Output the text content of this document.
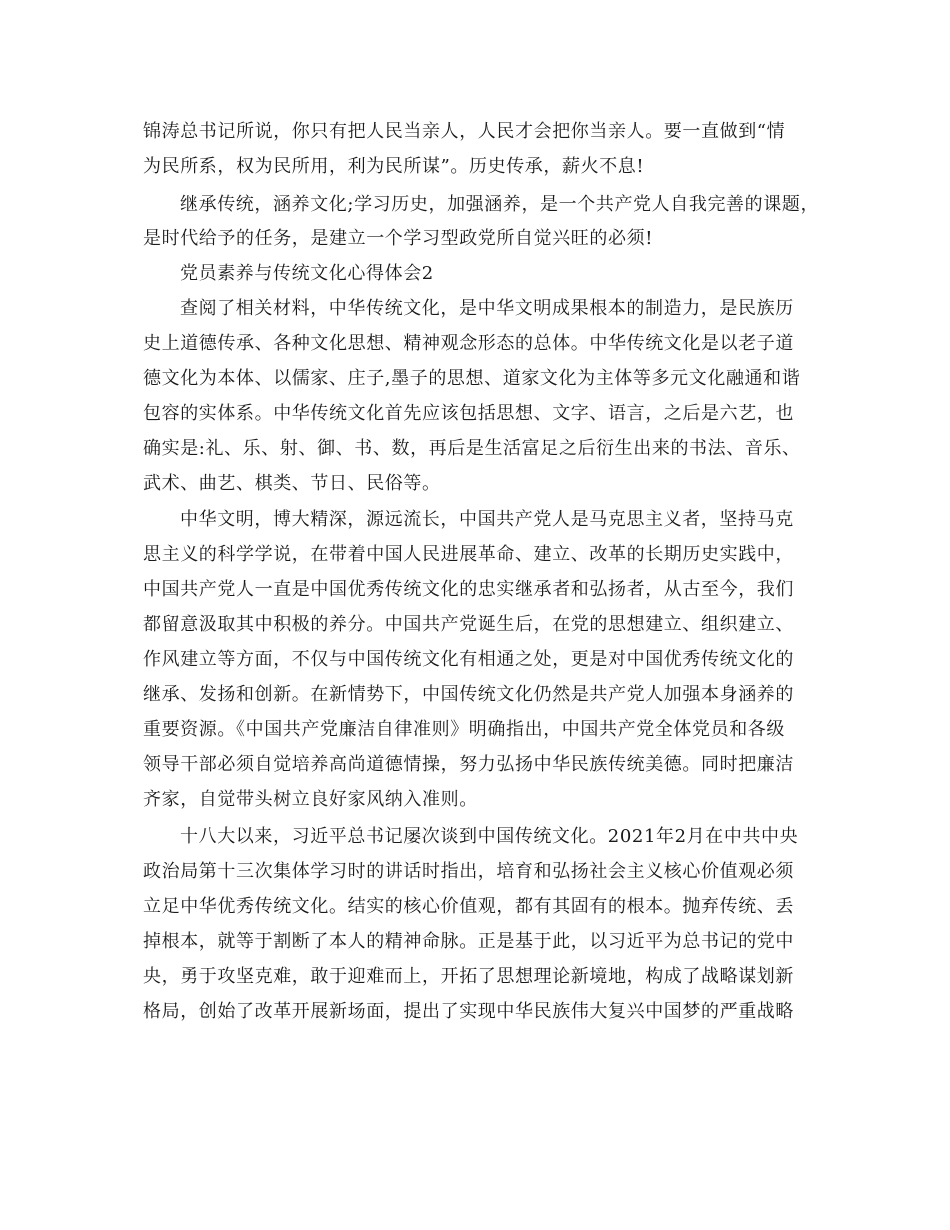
锦涛总书记所说，你只有把人民当亲人，人民才会把你当亲人。要一直做到“情
为民所系，权为民所用，利为民所谋”。历史传承，薪火不息!
继承传统，涵养文化;学习历史，加强涵养，是一个共产党人自我完善的课题，
是时代给予的任务，是建立一个学习型政党所自觉兴旺的必须!
党员素养与传统文化心得体会2
查阅了相关材料，中华传统文化，是中华文明成果根本的制造力，是民族历
史上道德传承、各种文化思想、精神观念形态的总体。中华传统文化是以老子道
德文化为本体、以儒家、庄子,墨子的思想、道家文化为主体等多元文化融通和谐
包容的实体系。中华传统文化首先应该包括思想、文字、语言，之后是六艺，也
确实是:礼、乐、射、御、书、数，再后是生活富足之后衍生出来的书法、音乐、
武术、曲艺、棋类、节日、民俗等。
中华文明，博大精深，源远流长，中国共产党人是马克思主义者，坚持马克
思主义的科学学说，在带着中国人民进展革命、建立、改革的长期历史实践中，
中国共产党人一直是中国优秀传统文化的忠实继承者和弘扬者，从古至今，我们
都留意汲取其中积极的养分。中国共产党诞生后，在党的思想建立、组织建立、
作风建立等方面，不仅与中国传统文化有相通之处，更是对中国优秀传统文化的
继承、发扬和创新。在新情势下，中国传统文化仍然是共产党人加强本身涵养的
重要资源。《中国共产党廉洁自律准则》明确指出，中国共产党全体党员和各级
领导干部必须自觉培养高尚道德情操，努力弘扬中华民族传统美德。同时把廉洁
齐家，自觉带头树立良好家风纳入准则。
十八大以来，习近平总书记屡次谈到中国传统文化。2021年2月在中共中央
政治局第十三次集体学习时的讲话时指出，培育和弘扬社会主义核心价值观必须
立足中华优秀传统文化。结实的核心价值观，都有其固有的根本。抛弃传统、丢
掉根本，就等于割断了本人的精神命脉。正是基于此，以习近平为总书记的党中
央，勇于攻坚克难，敢于迎难而上，开拓了思想理论新境地，构成了战略谋划新
格局，创始了改革开展新场面，提出了实现中华民族伟大复兴中国梦的严重战略
